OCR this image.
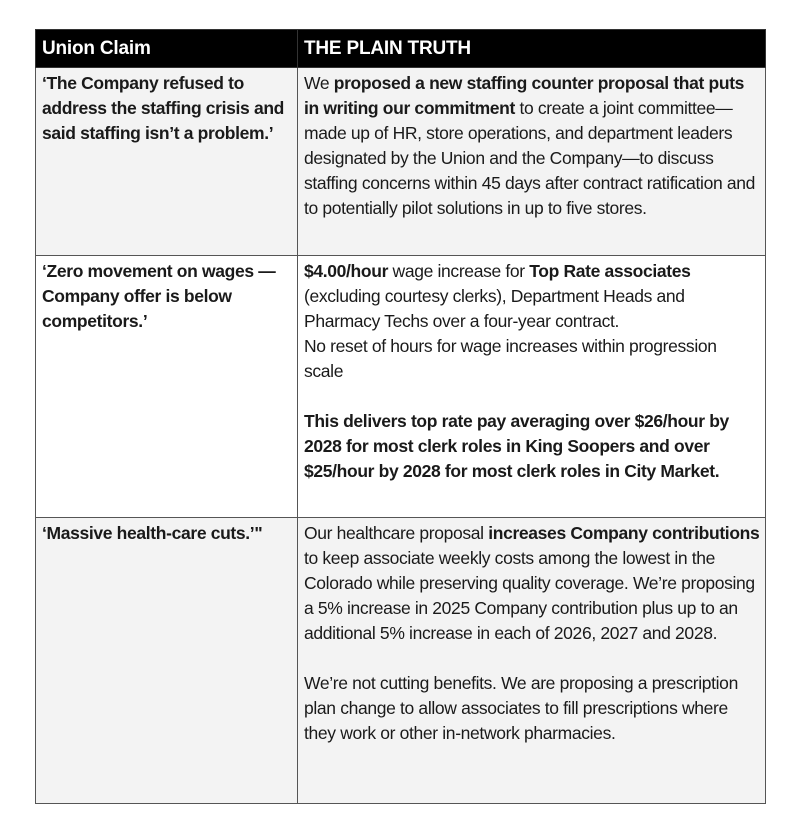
Union Claim	THE PLAIN TRUTH
‘The Company refused to address the staffing crisis and said staffing isn’t a problem.’	We proposed a new staffing counter proposal that puts in writing our commitment to create a joint committee—made up of HR, store operations, and department leaders designated by the Union and the Company—to discuss staffing concerns within 45 days after contract ratification and to potentially pilot solutions in up to five stores.

‘Zero movement on wages —Company offer is below competitors.’	$4.00/hour wage increase for Top Rate associates (excluding courtesy clerks), Department Heads and Pharmacy Techs over a four-year contract.
No reset of hours for wage increases within progression scale
This delivers top rate pay averaging over $26/hour by 2028 for most clerk roles in King Soopers and over $25/hour by 2028 for most clerk roles in City Market.

‘Massive health-care cuts.’"	Our healthcare proposal increases Company contributions to keep associate weekly costs among the lowest in the Colorado while preserving quality coverage. We’re proposing a 5% increase in 2025 Company contribution plus up to an additional 5% increase in each of 2026, 2027 and 2028.
We’re not cutting benefits. We are proposing a prescription plan change to allow associates to fill prescriptions where they work or other in-network pharmacies.
